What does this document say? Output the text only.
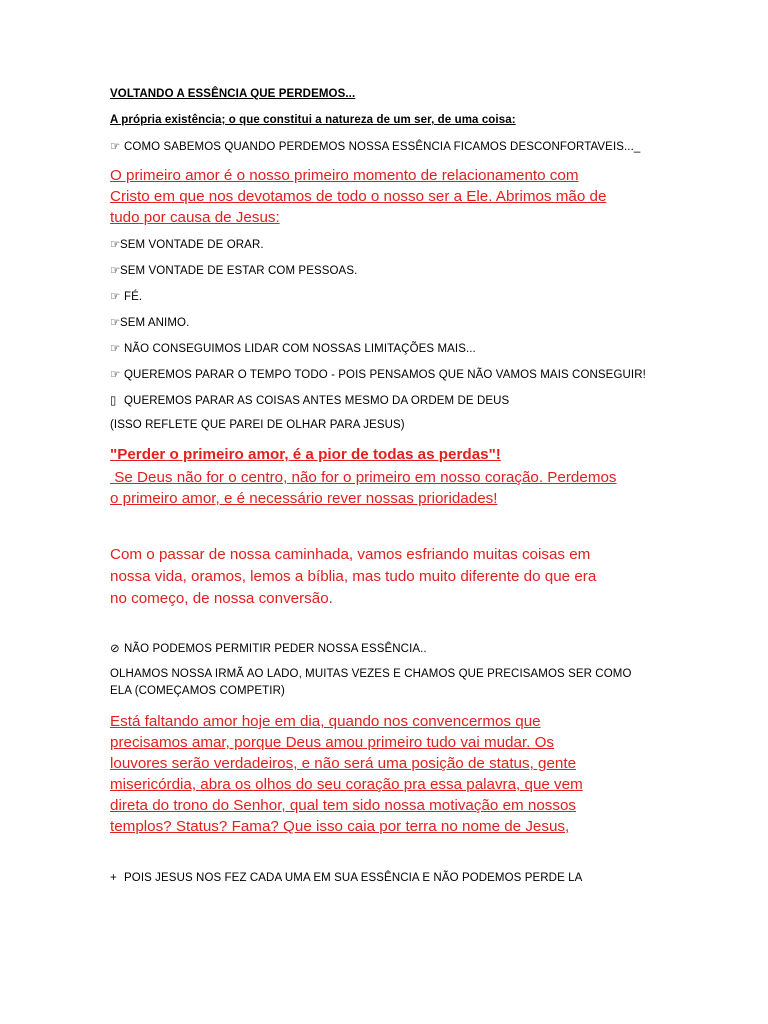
VOLTANDO A ESSÊNCIA QUE PERDEMOS...
A própria existência; o que constitui a natureza de um ser, de uma coisa:
☞ COMO SABEMOS QUANDO PERDEMOS NOSSA ESSÊNCIA FICAMOS DESCONFORTAVEIS..._
O primeiro amor é o nosso primeiro momento de relacionamento com
Cristo em que nos devotamos de todo o nosso ser a Ele. Abrimos mão de
tudo por causa de Jesus:
☞SEM VONTADE DE ORAR.
☞SEM VONTADE DE ESTAR COM PESSOAS.
☞ FÉ.
☞SEM ANIMO.
☞ NÃO CONSEGUIMOS LIDAR COM NOSSAS LIMITAÇÕES MAIS...
☞ QUEREMOS PARAR O TEMPO TODO - POIS PENSAMOS QUE NÃO VAMOS MAIS CONSEGUIR!
▯ QUEREMOS PARAR AS COISAS ANTES MESMO DA ORDEM DE DEUS
(ISSO REFLETE QUE PAREI DE OLHAR PARA JESUS)
"Perder o primeiro amor, é a pior de todas as perdas"!
Se Deus não for o centro, não for o primeiro em nosso coração. Perdemos
o primeiro amor, e é necessário rever nossas prioridades!
Com o passar de nossa caminhada, vamos esfriando muitas coisas em
nossa vida, oramos, lemos a bíblia, mas tudo muito diferente do que era
no começo, de nossa conversão.
⊘ NÃO PODEMOS PERMITIR PEDER NOSSA ESSÊNCIA..
OLHAMOS NOSSA IRMÃ AO LADO, MUITAS VEZES E CHAMOS QUE PRECISAMOS SER COMO
ELA (COMEÇAMOS COMPETIR)
Está faltando amor hoje em dia, quando nos convencermos que
precisamos amar, porque Deus amou primeiro tudo vai mudar. Os
louvores serão verdadeiros, e não será uma posição de status, gente
misericórdia, abra os olhos do seu coração pra essa palavra, que vem
direta do trono do Senhor, qual tem sido nossa motivação em nossos
templos? Status? Fama? Que isso caia por terra no nome de Jesus,
+ POIS JESUS NOS FEZ CADA UMA EM SUA ESSÊNCIA E NÃO PODEMOS PERDE LA
